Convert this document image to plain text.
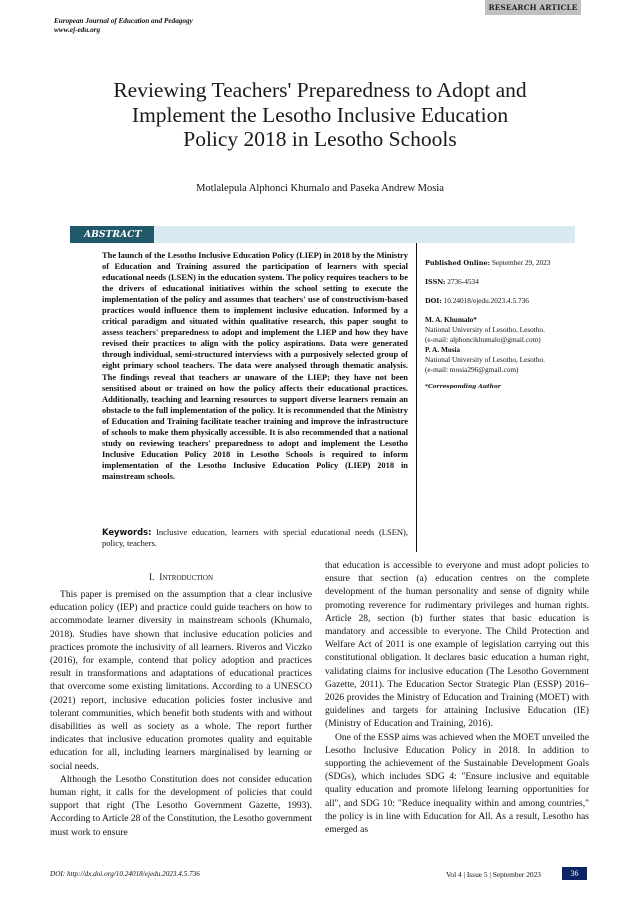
RESEARCH ARTICLE
European Journal of Education and Pedagogy
www.ej-edu.org
Reviewing Teachers' Preparedness to Adopt and
Implement the Lesotho Inclusive Education
Policy 2018 in Lesotho Schools
Motlalepula Alphonci Khumalo and Paseka Andrew Mosia
ABSTRACT
The launch of the Lesotho Inclusive Education Policy (LIEP) in 2018 by the Ministry of Education and Training assured the participation of learners with special educational needs (LSEN) in the education system. The policy requires teachers to be the drivers of educational initiatives within the school setting to execute the implementation of the policy and assumes that teachers' use of constructivism-based practices would influence them to implement inclusive education. Informed by a critical paradigm and situated within qualitative research, this paper sought to assess teachers' preparedness to adopt and implement the LIEP and how they have revised their practices to align with the policy aspirations. Data were generated through individual, semi-structured interviews with a purposively selected group of eight primary school teachers. The data were analysed through thematic analysis. The findings reveal that teachers ar unaware of the LIEP; they have not been sensitised about or trained on how the policy affects their educational practices. Additionally, teaching and learning resources to support diverse learners remain an obstacle to the full implementation of the policy. It is recommended that the Ministry of Education and Training facilitate teacher training and improve the infrastructure of schools to make them physically accessible. It is also recommended that a national study on reviewing teachers' preparedness to adopt and implement the Lesotho Inclusive Education Policy 2018 in Lesotho Schools is required to inform implementation of the Lesotho Inclusive Education Policy (LIEP) 2018 in mainstream schools.
Published Online: September 29, 2023
ISSN: 2736-4534
DOI: 10.24018/ejedu.2023.4.5.736
M. A. Khumalo*
National University of Lesotho, Lesotho.
(e-mail: alphoncikhumalo@gmail.com)
P. A. Mosia
National University of Lesotho, Lesotho.
(e-mail: mosia296@gmail.com)
*Corresponding Author
Keywords: Inclusive education, learners with special educational needs (LSEN), policy, teachers.
I. Introduction

This paper is premised on the assumption that a clear inclusive education policy (IEP) and practice could guide teachers on how to accommodate learner diversity in mainstream schools (Khumalo, 2018). Studies have shown that inclusive education policies and practices promote the inclusivity of all learners. Riveros and Viczko (2016), for example, contend that policy adoption and practices result in transformations and adaptations of educational practices that overcome some existing limitations. According to a UNESCO (2021) report, inclusive education policies foster inclusive and tolerant communities, which benefit both students with and without disabilities as well as society as a whole. The report further indicates that inclusive education promotes quality and equitable education for all, including learners marginalised by learning or social needs.

Although the Lesotho Constitution does not consider education human right, it calls for the development of policies that could support that right (The Lesotho Government Gazette, 1993). According to Article 28 of the Constitution, the Lesotho government must work to ensure

that education is accessible to everyone and must adopt policies to ensure that section (a) education centres on the complete development of the human personality and sense of dignity while promoting reverence for rudimentary privileges and human rights. Article 28, section (b) further states that basic education is mandatory and accessible to everyone. The Child Protection and Welfare Act of 2011 is one example of legislation carrying out this constitutional obligation. It declares basic education a human right, validating claims for inclusive education (The Lesotho Government Gazette, 2011). The Education Sector Strategic Plan (ESSP) 2016–2026 provides the Ministry of Education and Training (MOET) with guidelines and targets for attaining Inclusive Education (IE) (Ministry of Education and Training, 2016).

One of the ESSP aims was achieved when the MOET unveiled the Lesotho Inclusive Education Policy in 2018. In addition to supporting the achievement of the Sustainable Development Goals (SDGs), which includes SDG 4: "Ensure inclusive and equitable quality education and promote lifelong learning opportunities for all", and SDG 10: "Reduce inequality within and among countries," the policy is in line with Education for All. As a result, Lesotho has emerged as

DOI: http://dx.doi.org/10.24018/ejedu.2023.4.5.736	Vol 4 | Issue 5 | September 2023	36
